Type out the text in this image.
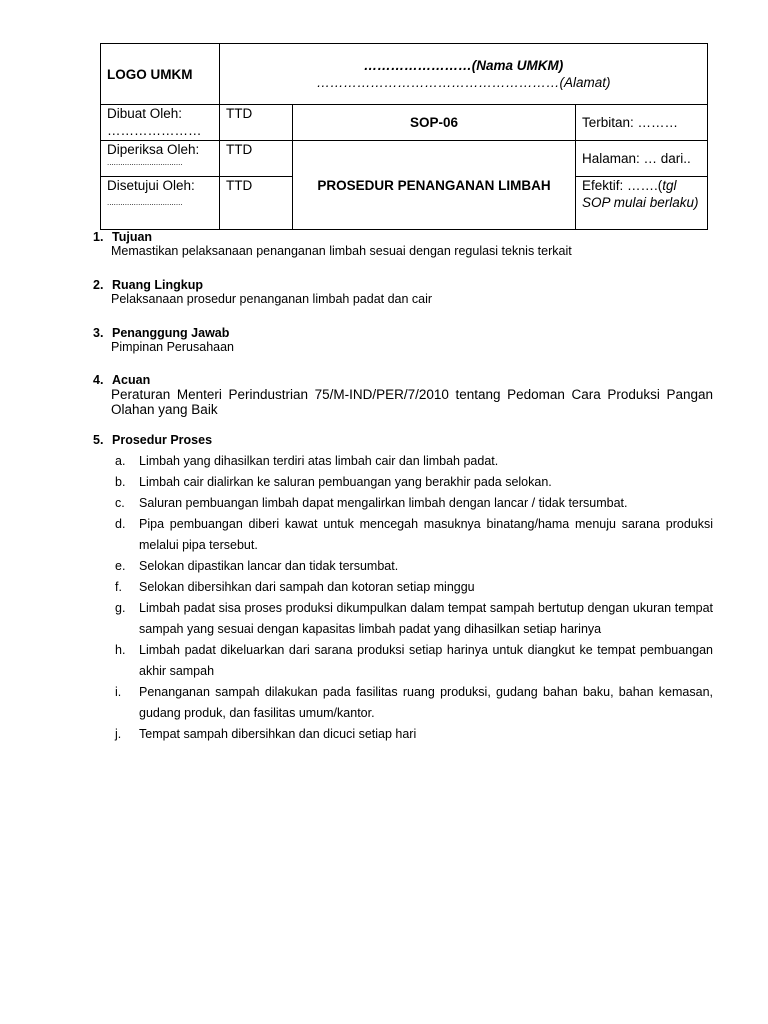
LOGO UMKM	……………………(Nama UMKM)
………………………………………………(Alamat)		

Dibuat Oleh:
…………………	TTD	SOP-06	Terbitan: ………

Diperiksa Oleh:
..................................	TTD	PROSEDUR PENANGANAN LIMBAH	Halaman: … dari..

Disetujui Oleh:
..................................	TTD		Efektif: …….(tgl SOP mulai berlaku)
1. Tujuan
Memastikan pelaksanaan penanganan limbah sesuai dengan regulasi teknis terkait
2. Ruang Lingkup
Pelaksanaan prosedur penanganan limbah padat dan cair
3. Penanggung Jawab
Pimpinan Perusahaan
4. Acuan
Peraturan Menteri Perindustrian 75/M-IND/PER/7/2010 tentang Pedoman Cara Produksi Pangan Olahan yang Baik
5. Prosedur Proses
a. Limbah yang dihasilkan terdiri atas limbah cair dan limbah padat.
b. Limbah cair dialirkan ke saluran pembuangan yang berakhir pada selokan.
c. Saluran pembuangan limbah dapat mengalirkan limbah dengan lancar / tidak tersumbat.
d. Pipa pembuangan diberi kawat untuk mencegah masuknya binatang/hama menuju sarana produksi melalui pipa tersebut.
e. Selokan dipastikan lancar dan tidak tersumbat.
f. Selokan dibersihkan dari sampah dan kotoran setiap minggu
g. Limbah padat sisa proses produksi dikumpulkan dalam tempat sampah bertutup dengan ukuran tempat sampah yang sesuai dengan kapasitas limbah padat yang dihasilkan setiap harinya
h. Limbah padat dikeluarkan dari sarana produksi setiap harinya untuk diangkut ke tempat pembuangan akhir sampah
i. Penanganan sampah dilakukan pada fasilitas ruang produksi, gudang bahan baku, bahan kemasan, gudang produk, dan fasilitas umum/kantor.
j. Tempat sampah dibersihkan dan dicuci setiap hari
